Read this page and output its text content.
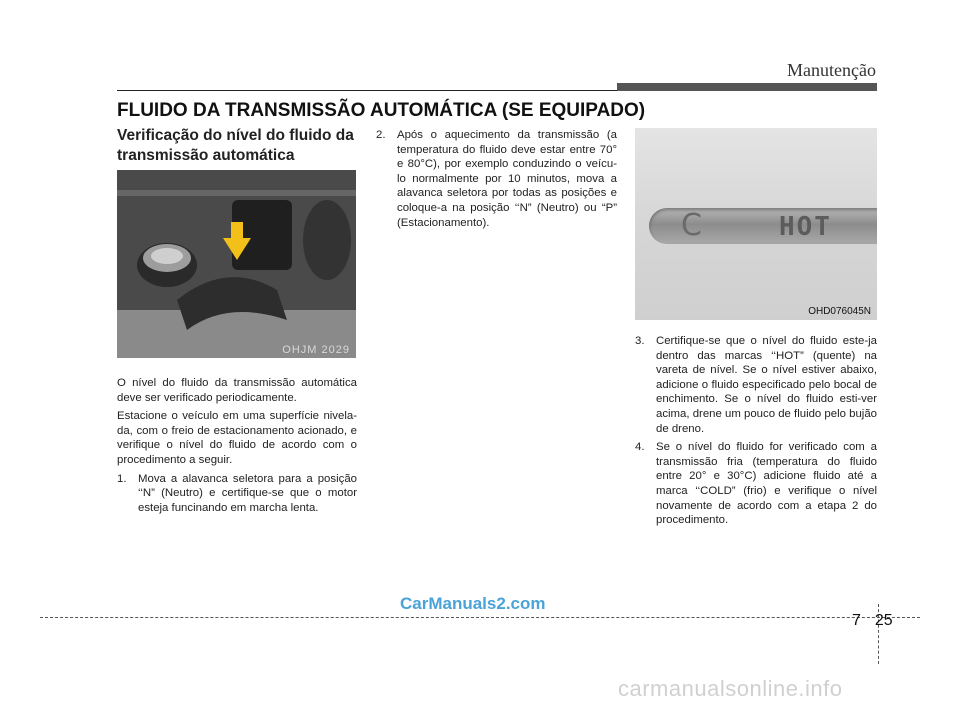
Manutenção
FLUIDO DA TRANSMISSÃO AUTOMÁTICA (SE EQUIPADO)
Verificação do nível do fluido da transmissão automática
OHJM 2029
C	HOT
OHD076045N
O nível do fluido da transmissão automática deve ser verificado periodicamente.
Estacione o veículo em uma superfície nivela-da, com o freio de estacionamento acionado, e verifique o nível do fluido de acordo com o procedimento a seguir.
1.	Mova a alavanca seletora para a posição ‘‘N” (Neutro) e certifique-se que o motor esteja funcinando em marcha lenta.
2.	Após o aquecimento da transmissão (a temperatura do fluido deve estar entre 70° e 80°C), por exemplo conduzindo o veícu-lo normalmente por 10 minutos, mova a alavanca seletora por todas as posições e coloque-a na posição ‘‘N” (Neutro) ou “P” (Estacionamento).
3.	Certifique-se que o nível do fluido este-ja dentro das marcas ‘‘HOT” (quente) na vareta de nível. Se o nível estiver abaixo, adicione o fluido especificado pelo bocal de enchimento. Se o nível do fluido esti-ver acima, drene um pouco de fluido pelo bujão de dreno.
4.	Se o nível do fluido for verificado com a transmissão fria (temperatura do fluido entre 20° e 30°C) adicione fluido até a marca ‘‘COLD” (frio) e verifique o nível novamente de acordo com a etapa 2 do procedimento.
7 25
CarManuals2.com
carmanualsonline.info
